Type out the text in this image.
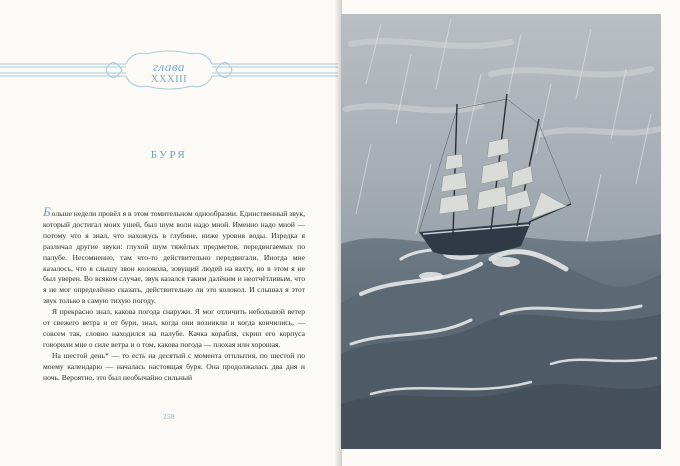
глава
XXXIII
БУРЯ

Больше недели провёл я в этом томительном однообразии. Единственный звук, который достигал моих ушей, был шум волн надо мной. Именно надо мной — потому что я знал, что нахожусь в глубине, ниже уровня воды. Изредка я различал другие звуки: глухой шум тяжёлых предметов, передвигаемых по палубе. Несомненно, там что-то действительно передвигали. Иногда мне казалось, что я слышу звон колокола, зовущий людей на вахту, но в этом я не был уверен. Во всяком случае, звук казался таким далёким и неотчётливым, что я не мог определённо сказать, действительно ли это колокол. И слышал я этот звук только в самую тихую погоду.

Я прекрасно знал, какова погода снаружи. Я мог отличить небольшой ветер от свежего ветра и от бури, знал, когда они возникли и когда кончились, — совсем так, словно находился на палубе. Качка корабля, скрип его корпуса говорили мне о силе ветра и о том, какова погода — плохая или хорошая.

На шестой день* — то есть на десятый с момента отплытия, по шестой по моему календарю — началась настоящая буря. Она продолжалась два дня и ночь. Вероятно, это был необычайно сильный

258
